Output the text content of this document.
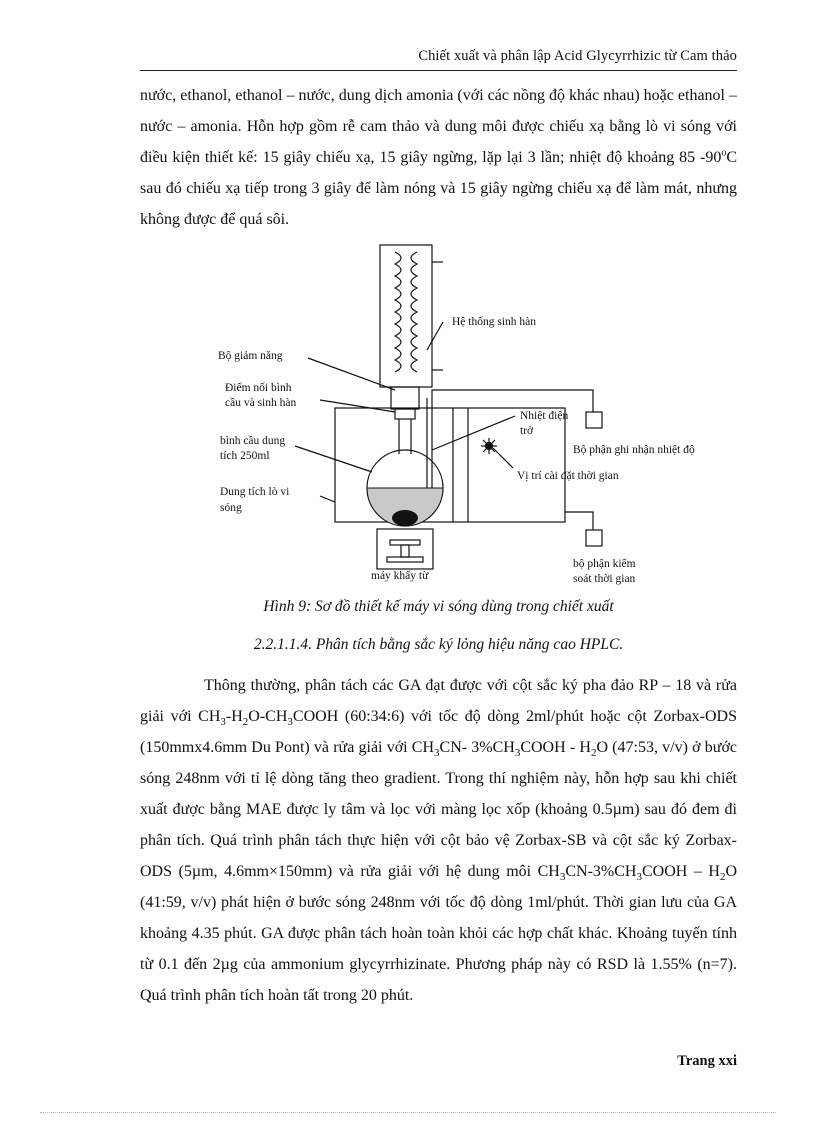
Chiết xuất và phân lập Acid Glycyrrhizic từ Cam thảo

nước, ethanol, ethanol – nước, dung dịch amonia (với các nồng độ khác nhau) hoặc ethanol – nước – amonia. Hỗn hợp gồm rễ cam thảo và dung môi được chiếu xạ bằng lò vi sóng với điều kiện thiết kế: 15 giây chiếu xạ, 15 giây ngừng, lặp lại 3 lần; nhiệt độ khoảng 85 -90$^o$C sau đó chiếu xạ tiếp trong 3 giây để làm nóng và 15 giây ngừng chiếu xạ để làm mát, nhưng không được để quá sôi.

Hệ thống sinh hàn
Bộ giảm năng
Điểm nối bình
cầu và sinh hàn
bình cầu dung
tích 250ml
Dung tích lò vi
sóng
Nhiệt điện
trở
Bộ phận ghi nhận nhiệt độ
Vị trí cài đặt thời gian
máy khấy từ
bộ phận kiểm
soát thời gian
Hình 9: Sơ đồ thiết kế máy vi sóng dùng trong chiết xuất
2.2.1.1.4. Phân tích bằng sắc ký lỏng hiệu năng cao HPLC.

Thông thường, phân tách các GA đạt được với cột sắc ký pha đảo RP – 18 và rửa giải với $CH_3-H_2O-CH_3COOH$ (60:34:6) với tốc độ dòng 2ml/phút hoặc cột Zorbax-ODS (150mmx4.6mm Du Pont) và rửa giải với $CH_3CN-$ $3\%CH_3COOH - H_2O$ (47:53, v/v) ở bước sóng 248nm với tỉ lệ dòng tăng theo gradient. Trong thí nghiệm này, hỗn hợp sau khi chiết xuất được bằng MAE được ly tâm và lọc với màng lọc xốp (khoảng 0.5µm) sau đó đem đi phân tích. Quá trình phân tách thực hiện với cột bảo vệ Zorbax-SB và cột sắc ký Zorbax-ODS (5µm, 4.6mm×150mm) và rửa giải với hệ dung môi $CH_3CN-3\%CH_3COOH - H_2O$ (41:59, v/v) phát hiện ở bước sóng 248nm với tốc độ dòng 1ml/phút. Thời gian lưu của GA khoảng 4.35 phút. GA được phân tách hoàn toàn khỏi các hợp chất khác. Khoảng tuyến tính từ 0.1 đến 2µg của ammonium glycyrrhizinate. Phương pháp này có RSD là 1.55% (n=7). Quá trình phân tích hoàn tất trong 20 phút.

Trang xxi
